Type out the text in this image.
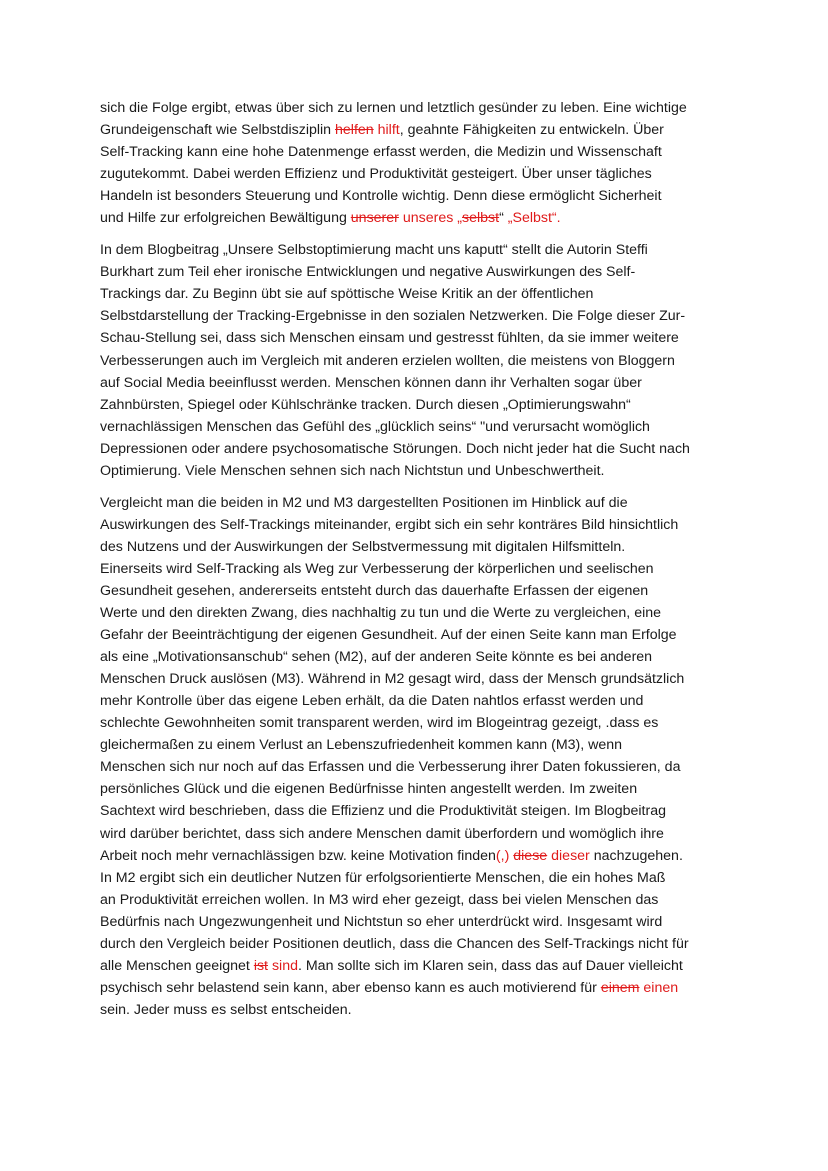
sich die Folge ergibt, etwas über sich zu lernen und letztlich gesünder zu leben. Eine wichtige
Grundeigenschaft wie Selbstdisziplin helfen hilft, geahnte Fähigkeiten zu entwickeln. Über
Self-Tracking kann eine hohe Datenmenge erfasst werden, die Medizin und Wissenschaft
zugutekommt. Dabei werden Effizienz und Produktivität gesteigert. Über unser tägliches
Handeln ist besonders Steuerung und Kontrolle wichtig. Denn diese ermöglicht Sicherheit
und Hilfe zur erfolgreichen Bewältigung unserer unseres „selbst“ „Selbst“.
In dem Blogbeitrag „Unsere Selbstoptimierung macht uns kaputt“ stellt die Autorin Steffi
Burkhart zum Teil eher ironische Entwicklungen und negative Auswirkungen des Self-
Trackings dar. Zu Beginn übt sie auf spöttische Weise Kritik an der öffentlichen
Selbstdarstellung der Tracking-Ergebnisse in den sozialen Netzwerken. Die Folge dieser Zur-
Schau-Stellung sei, dass sich Menschen einsam und gestresst fühlten, da sie immer weitere
Verbesserungen auch im Vergleich mit anderen erzielen wollten, die meistens von Bloggern
auf Social Media beeinflusst werden. Menschen können dann ihr Verhalten sogar über
Zahnbürsten, Spiegel oder Kühlschränke tracken. Durch diesen „Optimierungswahn“
vernachlässigen Menschen das Gefühl des „glücklich seins“ "und verursacht womöglich
Depressionen oder andere psychosomatische Störungen. Doch nicht jeder hat die Sucht nach
Optimierung. Viele Menschen sehnen sich nach Nichtstun und Unbeschwertheit.
Vergleicht man die beiden in M2 und M3 dargestellten Positionen im Hinblick auf die
Auswirkungen des Self-Trackings miteinander, ergibt sich ein sehr konträres Bild hinsichtlich
des Nutzens und der Auswirkungen der Selbstvermessung mit digitalen Hilfsmitteln.
Einerseits wird Self-Tracking als Weg zur Verbesserung der körperlichen und seelischen
Gesundheit gesehen, andererseits entsteht durch das dauerhafte Erfassen der eigenen
Werte und den direkten Zwang, dies nachhaltig zu tun und die Werte zu vergleichen, eine
Gefahr der Beeinträchtigung der eigenen Gesundheit. Auf der einen Seite kann man Erfolge
als eine „Motivationsanschub“ sehen (M2), auf der anderen Seite könnte es bei anderen
Menschen Druck auslösen (M3). Während in M2 gesagt wird, dass der Mensch grundsätzlich
mehr Kontrolle über das eigene Leben erhält, da die Daten nahtlos erfasst werden und
schlechte Gewohnheiten somit transparent werden, wird im Blogeintrag gezeigt, .dass es
gleichermaßen zu einem Verlust an Lebenszufriedenheit kommen kann (M3), wenn
Menschen sich nur noch auf das Erfassen und die Verbesserung ihrer Daten fokussieren, da
persönliches Glück und die eigenen Bedürfnisse hinten angestellt werden. Im zweiten
Sachtext wird beschrieben, dass die Effizienz und die Produktivität steigen. Im Blogbeitrag
wird darüber berichtet, dass sich andere Menschen damit überfordern und womöglich ihre
Arbeit noch mehr vernachlässigen bzw. keine Motivation finden(,) diese dieser nachzugehen.
In M2 ergibt sich ein deutlicher Nutzen für erfolgsorientierte Menschen, die ein hohes Maß
an Produktivität erreichen wollen. In M3 wird eher gezeigt, dass bei vielen Menschen das
Bedürfnis nach Ungezwungenheit und Nichtstun so eher unterdrückt wird. Insgesamt wird
durch den Vergleich beider Positionen deutlich, dass die Chancen des Self-Trackings nicht für
alle Menschen geeignet ist sind. Man sollte sich im Klaren sein, dass das auf Dauer vielleicht
psychisch sehr belastend sein kann, aber ebenso kann es auch motivierend für einem einen
sein. Jeder muss es selbst entscheiden.
